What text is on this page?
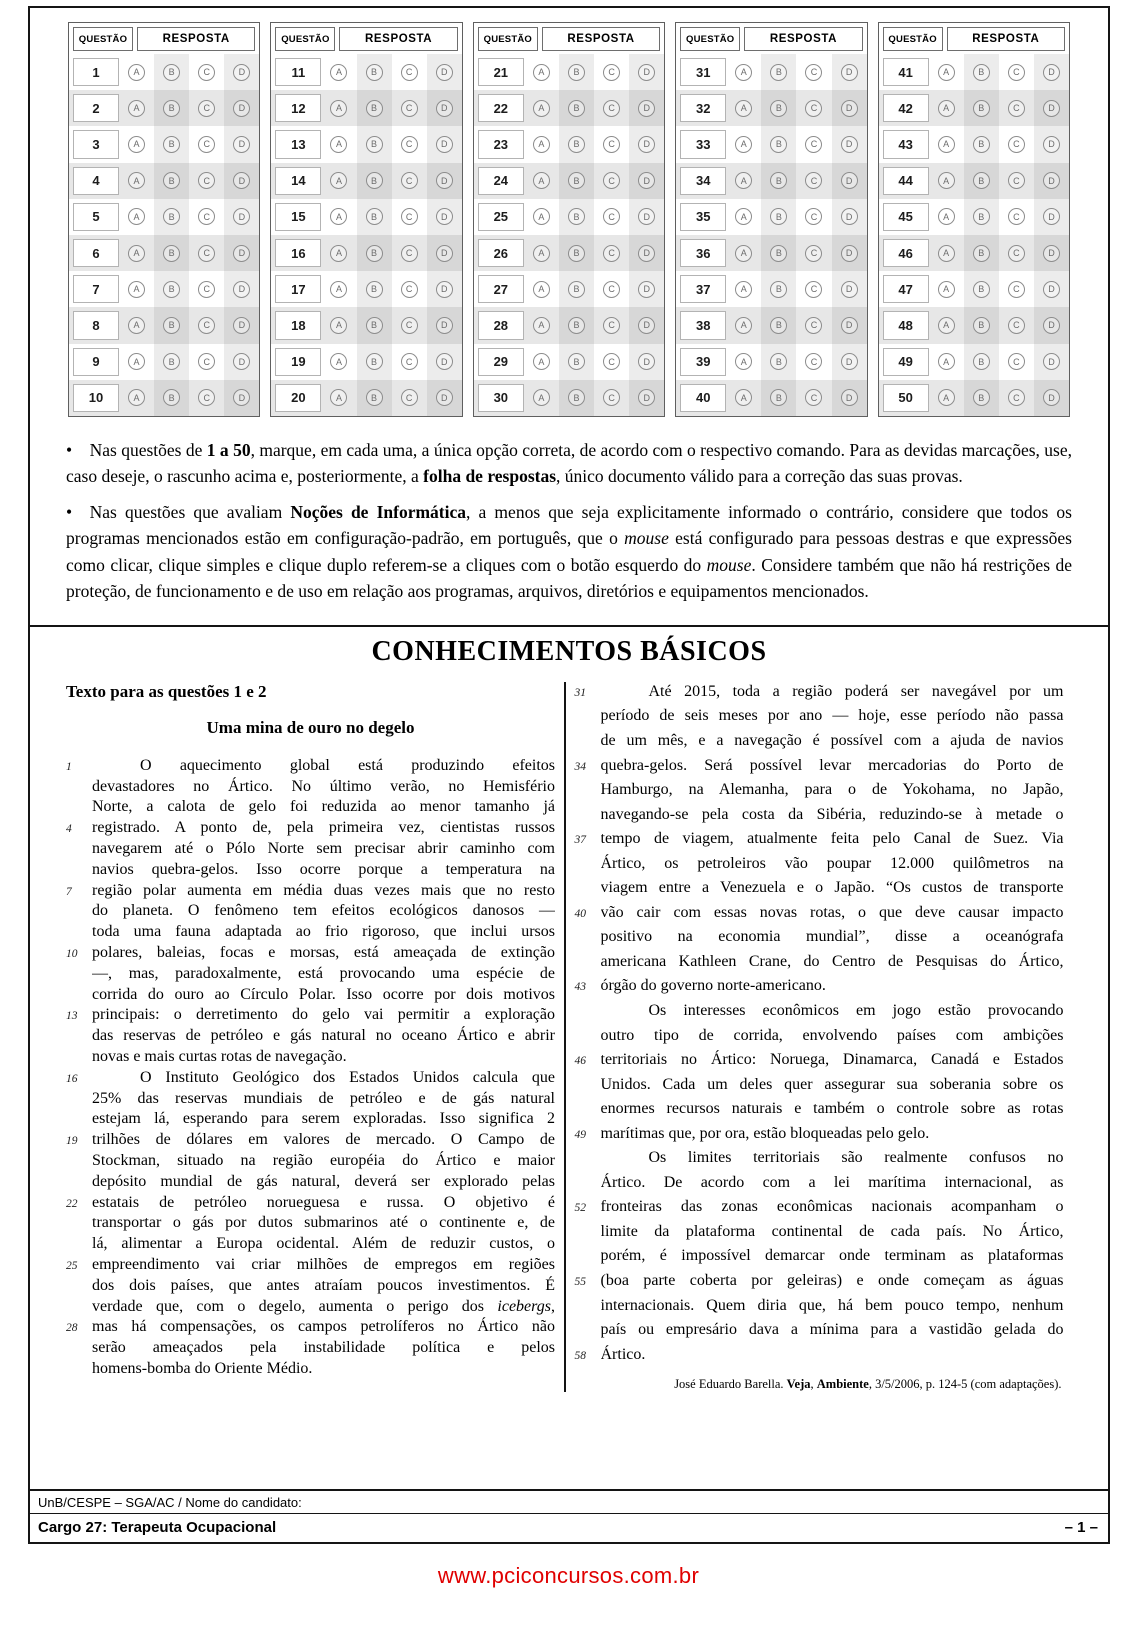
QUESTÃO	RESPOSTA
1	A	B	C	D
2	A	B	C	D
3	A	B	C	D
4	A	B	C	D
5	A	B	C	D
6	A	B	C	D
7	A	B	C	D
8	A	B	C	D
9	A	B	C	D
10	A	B	C	D
QUESTÃO	RESPOSTA
11	A	B	C	D
12	A	B	C	D
13	A	B	C	D
14	A	B	C	D
15	A	B	C	D
16	A	B	C	D
17	A	B	C	D
18	A	B	C	D
19	A	B	C	D
20	A	B	C	D
QUESTÃO	RESPOSTA
21	A	B	C	D
22	A	B	C	D
23	A	B	C	D
24	A	B	C	D
25	A	B	C	D
26	A	B	C	D
27	A	B	C	D
28	A	B	C	D
29	A	B	C	D
30	A	B	C	D
QUESTÃO	RESPOSTA
31	A	B	C	D
32	A	B	C	D
33	A	B	C	D
34	A	B	C	D
35	A	B	C	D
36	A	B	C	D
37	A	B	C	D
38	A	B	C	D
39	A	B	C	D
40	A	B	C	D
QUESTÃO	RESPOSTA
41	A	B	C	D
42	A	B	C	D
43	A	B	C	D
44	A	B	C	D
45	A	B	C	D
46	A	B	C	D
47	A	B	C	D
48	A	B	C	D
49	A	B	C	D
50	A	B	C	D

• Nas questões de 1 a 50, marque, em cada uma, a única opção correta, de acordo com o respectivo comando. Para as devidas marcações, use, caso deseje, o rascunho acima e, posteriormente, a folha de respostas, único documento válido para a correção das suas provas.

• Nas questões que avaliam Noções de Informática, a menos que seja explicitamente informado o contrário, considere que todos os programas mencionados estão em configuração-padrão, em português, que o mouse está configurado para pessoas destras e que expressões como clicar, clique simples e clique duplo referem-se a cliques com o botão esquerdo do mouse. Considere também que não há restrições de proteção, de funcionamento e de uso em relação aos programas, arquivos, diretórios e equipamentos mencionados.

CONHECIMENTOS BÁSICOS
Texto para as questões 1 e 2
Uma mina de ouro no degelo
1	   O aquecimento global está produzindo efeitos
devastadores no Ártico. No último verão, no Hemisfério
Norte, a calota de gelo foi reduzida ao menor tamanho já
4	registrado. A ponto de, pela primeira vez, cientistas russos
navegarem até o Pólo Norte sem precisar abrir caminho com
navios quebra-gelos. Isso ocorre porque a temperatura na
7	região polar aumenta em média duas vezes mais que no resto
do planeta. O fenômeno tem efeitos ecológicos danosos —
toda uma fauna adaptada ao frio rigoroso, que inclui ursos
10 polares, baleias, focas e morsas, está ameaçada de extinção
—, mas, paradoxalmente, está provocando uma espécie de
corrida do ouro ao Círculo Polar. Isso ocorre por dois motivos
13 principais: o derretimento do gelo vai permitir a exploração
das reservas de petróleo e gás natural no oceano Ártico e abrir
novas e mais curtas rotas de navegação.
16    O Instituto Geológico dos Estados Unidos calcula que
25% das reservas mundiais de petróleo e de gás natural
estejam lá, esperando para serem exploradas. Isso significa 2
19 trilhões de dólares em valores de mercado. O Campo de
Stockman, situado na região européia do Ártico e maior
depósito mundial de gás natural, deverá ser explorado pelas
22 estatais de petróleo norueguesa e russa. O objetivo é
transportar o gás por dutos submarinos até o continente e, de
lá, alimentar a Europa ocidental. Além de reduzir custos, o
25 empreendimento vai criar milhões de empregos em regiões
dos dois países, que antes atraíam poucos investimentos. É
verdade que, com o degelo, aumenta o perigo dos icebergs,
28 mas há compensações, os campos petrolíferos no Ártico não
serão ameaçados pela instabilidade política e pelos
homens-bomba do Oriente Médio.
31    Até 2015, toda a região poderá ser navegável por um
período de seis meses por ano — hoje, esse período não passa
de um mês, e a navegação é possível com a ajuda de navios
34 quebra-gelos. Será possível levar mercadorias do Porto de
Hamburgo, na Alemanha, para o de Yokohama, no Japão,
navegando-se pela costa da Sibéria, reduzindo-se à metade o
37 tempo de viagem, atualmente feita pelo Canal de Suez. Via
Ártico, os petroleiros vão poupar 12.000 quilômetros na
viagem entre a Venezuela e o Japão. “Os custos de transporte
40 vão cair com essas novas rotas, o que deve causar impacto
positivo na economia mundial”, disse a oceanógrafa
americana Kathleen Crane, do Centro de Pesquisas do Ártico,
43 órgão do governo norte-americano.
   Os interesses econômicos em jogo estão provocando
outro tipo de corrida, envolvendo países com ambições
46 territoriais no Ártico: Noruega, Dinamarca, Canadá e Estados
Unidos. Cada um deles quer assegurar sua soberania sobre os
enormes recursos naturais e também o controle sobre as rotas
49 marítimas que, por ora, estão bloqueadas pelo gelo.
   Os limites territoriais são realmente confusos no
Ártico. De acordo com a lei marítima internacional, as
52 fronteiras das zonas econômicas nacionais acompanham o
limite da plataforma continental de cada país. No Ártico,
porém, é impossível demarcar onde terminam as plataformas
55 (boa parte coberta por geleiras) e onde começam as águas
internacionais. Quem diria que, há bem pouco tempo, nenhum
país ou empresário dava a mínima para a vastidão gelada do
58 Ártico.
José Eduardo Barella. Veja, Ambiente, 3/5/2006, p. 124-5 (com adaptações).
UnB/CESPE – SGA/AC / Nome do candidato:
Cargo 27: Terapeuta Ocupacional	– 1 –
www.pciconcursos.com.br
